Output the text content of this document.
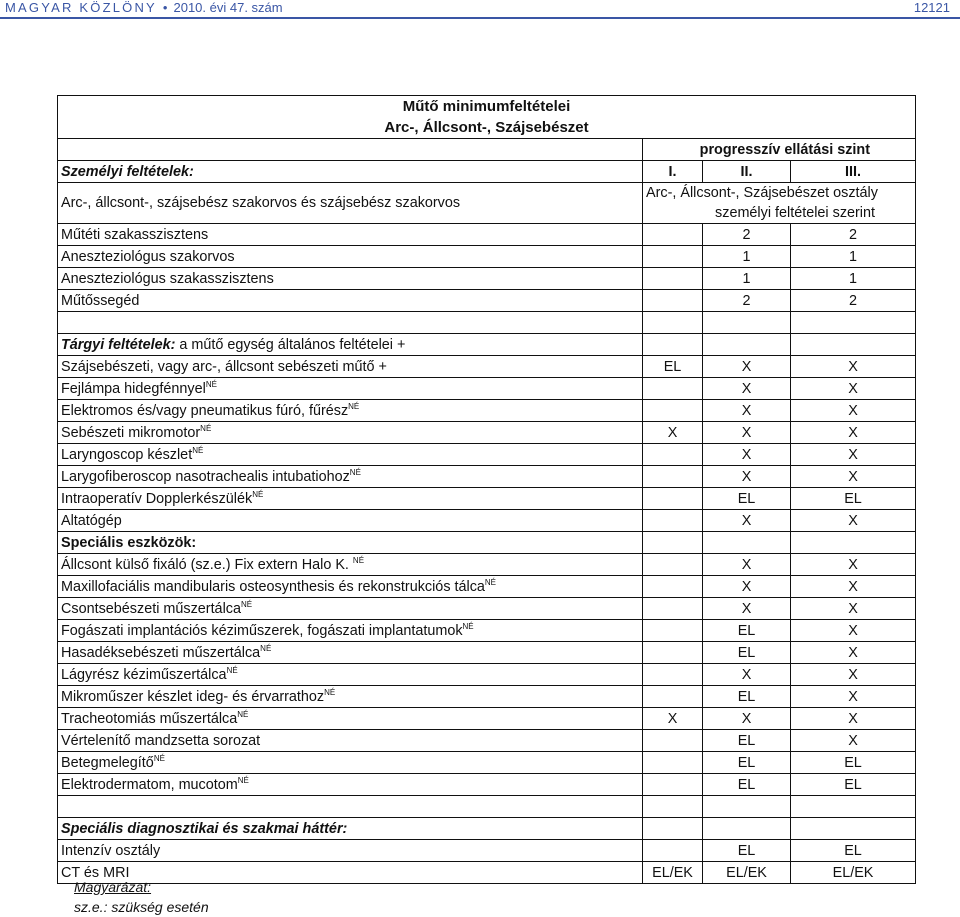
MAGYAR KÖZLÖNY • 2010. évi 47. szám	12121
Műtő minimumfeltételei			
Arc-, Állcsont-, Szájsebészet			
	progresszív ellátási szint		
Személyi feltételek:	I.	II.	III.
Arc-, állcsont-, szájsebész szakorvos és szájsebész szakorvos	Arc-, Állcsont-, Szájsebészet osztály
személyi feltételei szerint		

Műtéti szakasszisztens		2	2
Aneszteziológus szakorvos		1	1
Aneszteziológus szakasszisztens		1	1
Műtőssegéd		2	2

Tárgyi feltételek: a műtő egység általános feltételei +			
Szájsebészeti, vagy arc-, állcsont sebészeti műtő +	EL	X	X
Fejlámpa hidegfénnyel$^{NÉ}$		X	X
Elektromos és/vagy pneumatikus fúró, fűrész$^{NÉ}$		X	X
Sebészeti mikromotor$^{NÉ}$	X	X	X
Laryngoscop készlet$^{NÉ}$		X	X
Larygofiberoscop nasotrachealis intubatiohoz$^{NÉ}$		X	X
Intraoperatív Dopplerkészülék$^{NÉ}$		EL	EL
Altatógép		X	X
Speciális eszközök:			
Állcsont külső fixáló (sz.e.) Fix extern Halo K. $^{NÉ}$		X	X
Maxillofaciális mandibularis osteosynthesis és rekonstrukciós tálca$^{NÉ}$		X	X
Csontsebészeti műszertálca$^{NÉ}$		X	X
Fogászati implantációs kéziműszerek, fogászati implantatumok$^{NÉ}$		EL	X
Hasadéksebészeti műszertálca$^{NÉ}$		EL	X
Lágyrész kéziműszertálca$^{NÉ}$		X	X
Mikroműszer készlet ideg- és érvarrathoz$^{NÉ}$		EL	X
Tracheotomiás műszertálca$^{NÉ}$	X	X	X
Vértelenítő mandzsetta sorozat		EL	X
Betegmelegítő$^{NÉ}$		EL	EL
Elektrodermatom, mucotom$^{NÉ}$		EL	EL

Speciális diagnosztikai és szakmai háttér:			
Intenzív osztály		EL	EL
CT és MRI	EL/EK	EL/EK	EL/EK
Magyarázat:
sz.e.: szükség esetén
